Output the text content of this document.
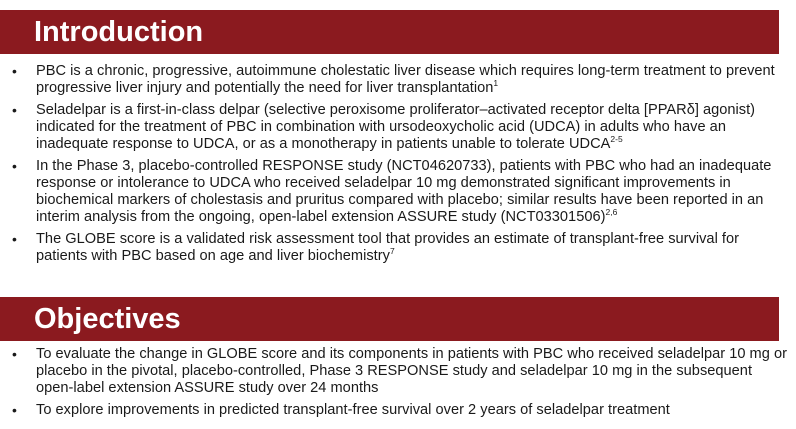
Introduction
• PBC is a chronic, progressive, autoimmune cholestatic liver disease which requires long-term treatment to prevent progressive liver injury and potentially the need for liver transplantation$^1$
• Seladelpar is a first-in-class delpar (selective peroxisome proliferator–activated receptor delta [PPARδ] agonist) indicated for the treatment of PBC in combination with ursodeoxycholic acid (UDCA) in adults who have an inadequate response to UDCA, or as a monotherapy in patients unable to tolerate UDCA$^{2-5}$
• In the Phase 3, placebo-controlled RESPONSE study (NCT04620733), patients with PBC who had an inadequate response or intolerance to UDCA who received seladelpar 10 mg demonstrated significant improvements in biochemical markers of cholestasis and pruritus compared with placebo; similar results have been reported in an interim analysis from the ongoing, open-label extension ASSURE study $(NCT03301506)^{2,6}$
• The GLOBE score is a validated risk assessment tool that provides an estimate of transplant-free survival for patients with PBC based on age and liver biochemistry$^7$
Objectives
• To evaluate the change in GLOBE score and its components in patients with PBC who received seladelpar 10 mg or placebo in the pivotal, placebo-controlled, Phase 3 RESPONSE study and seladelpar 10 mg in the subsequent open-label extension ASSURE study over 24 months
• To explore improvements in predicted transplant-free survival over 2 years of seladelpar treatment
